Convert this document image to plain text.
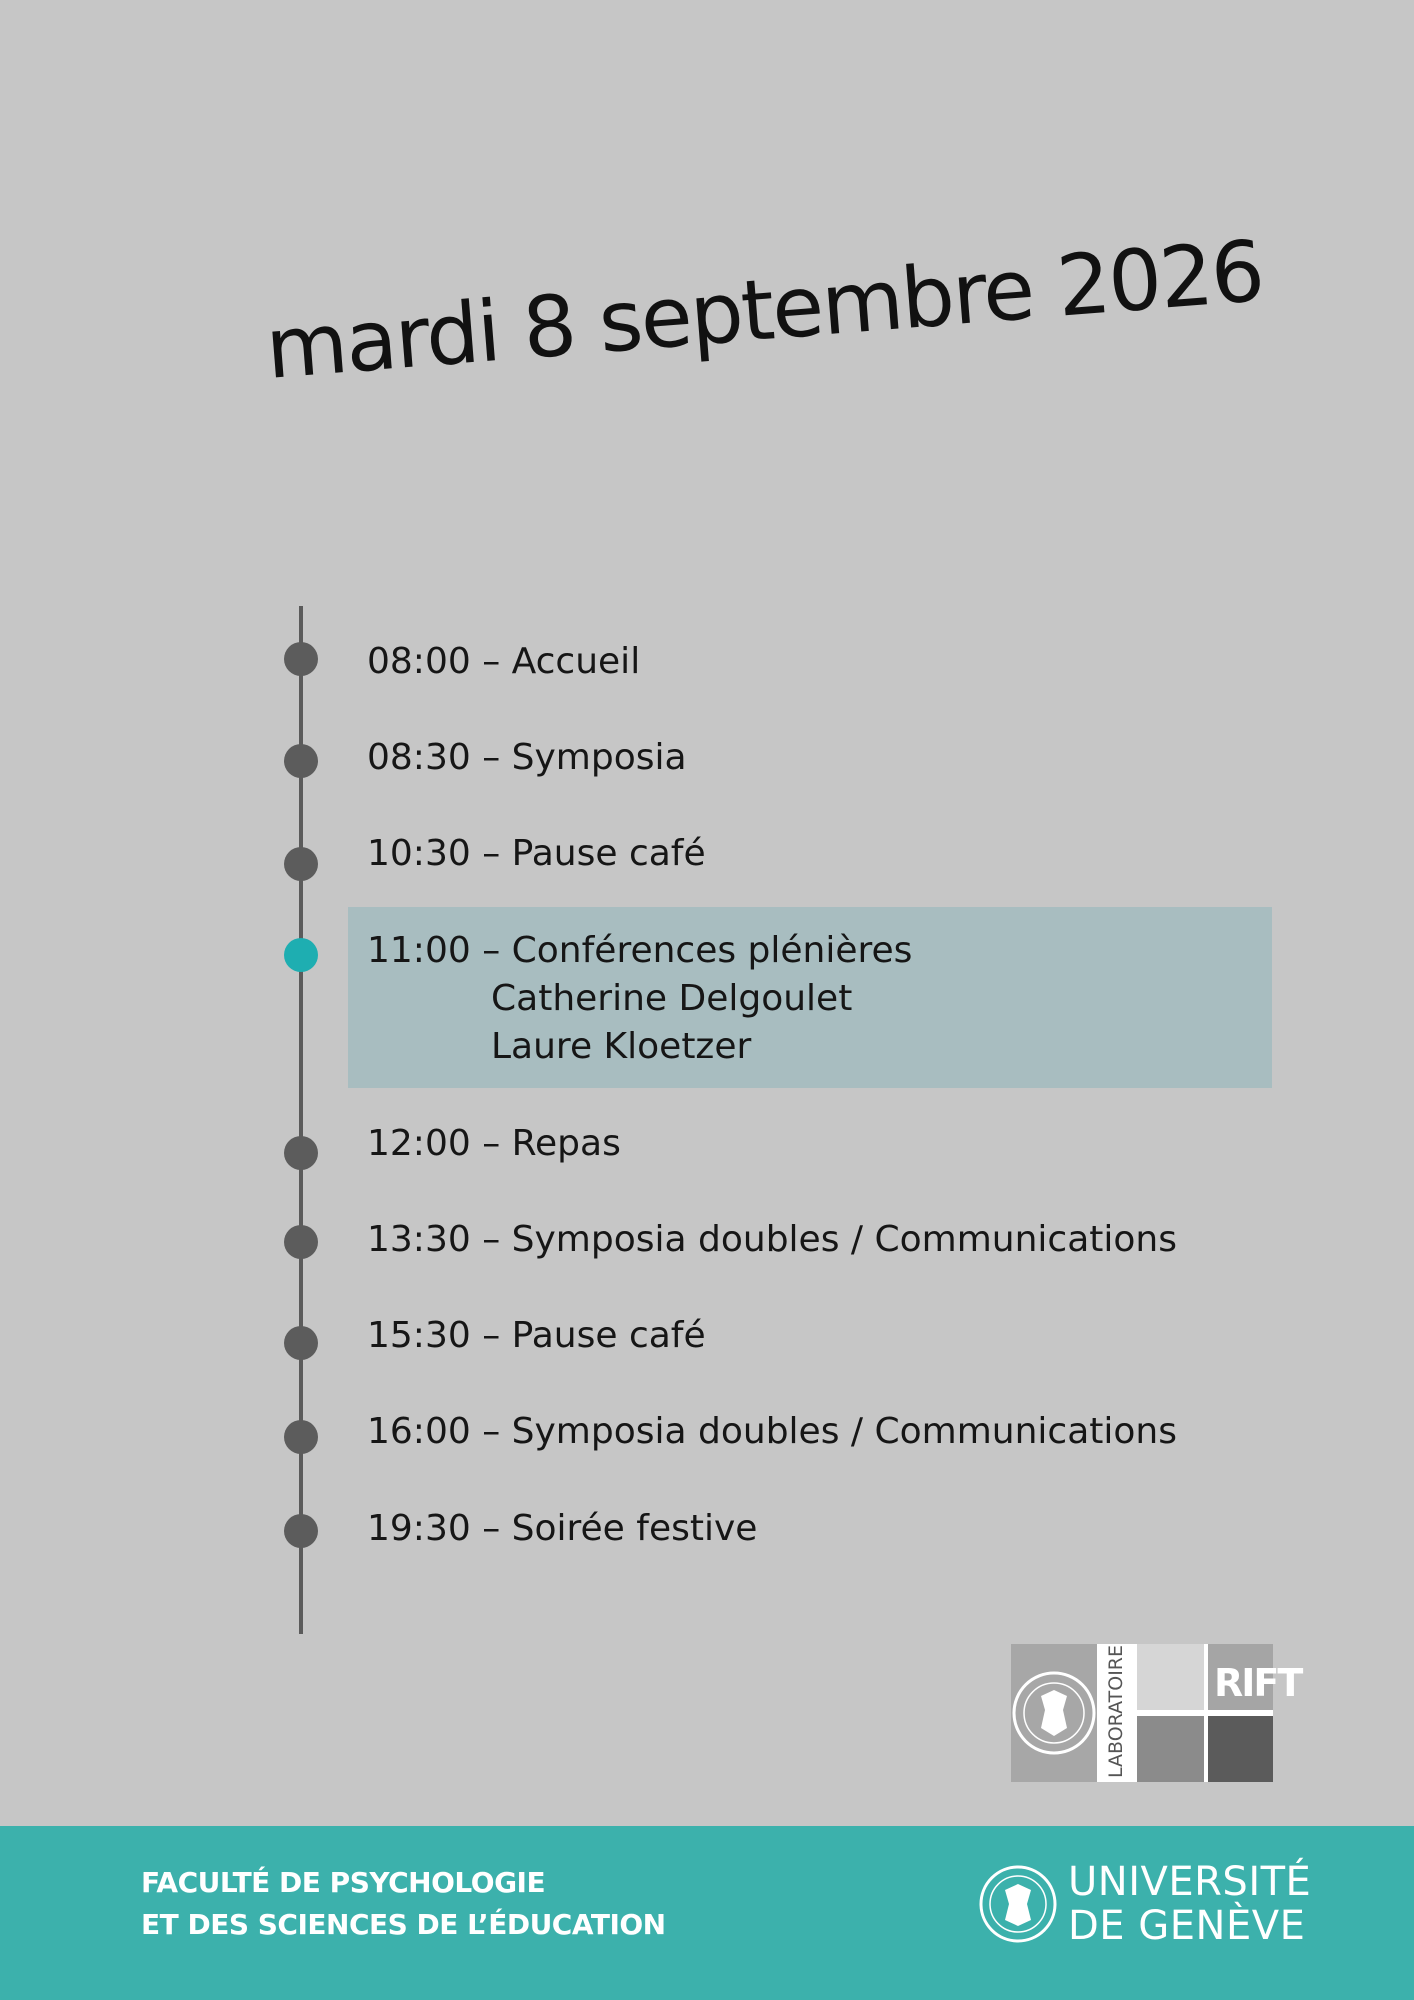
mardi 8 septembre 2026
08:00 – Accueil
08:30 – Symposia
10:30 – Pause café
11:00 – Conférences plénières
Catherine Delgoulet
Laure Kloetzer
12:00 – Repas
13:30 – Symposia doubles / Communications
15:30 – Pause café
16:00 – Symposia doubles / Communications
19:30 – Soirée festive
LABORATOIRE RIFT
FACULTÉ DE PSYCHOLOGIE
ET DES SCIENCES DE L’ÉDUCATION
UNIVERSITÉ
DE GENÈVE
